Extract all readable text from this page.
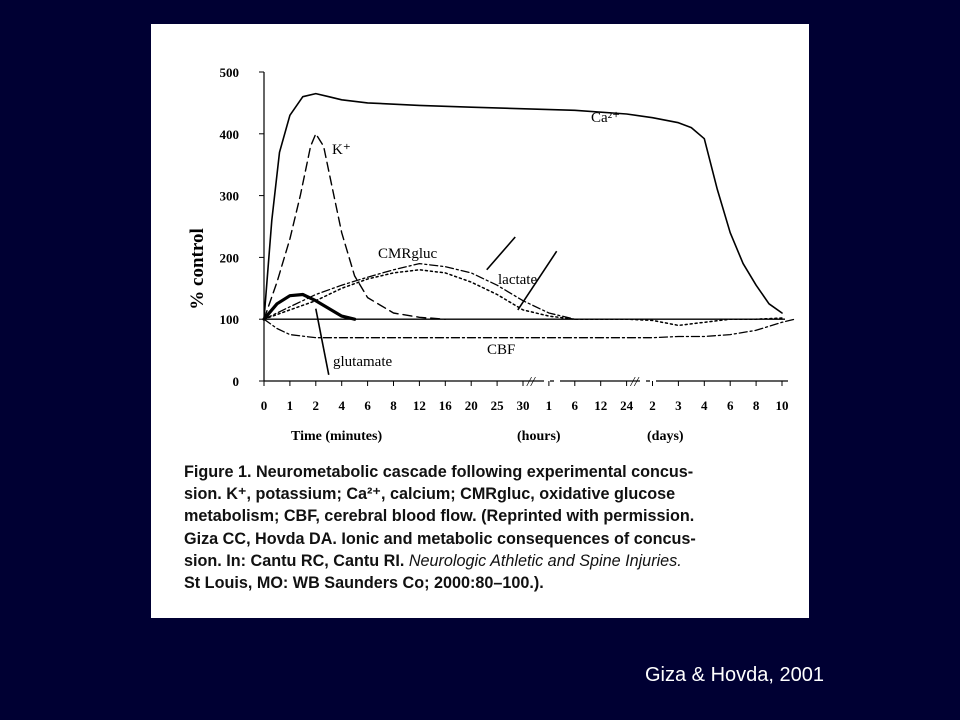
//	//
500
400
300
200
100
0
0 1 2 4 6 8 12 16 20 25 30 1 6 12 24 2 3 4 6 8 10
% control
Ca²⁺
K⁺
CMRgluc
lactate
glutamate
CBF
Time (minutes)	(hours)	(days)
Figure 1. Neurometabolic cascade following experimental concus-
sion. K⁺, potassium; Ca²⁺, calcium; CMRgluc, oxidative glucose
metabolism; CBF, cerebral blood flow. (Reprinted with permission.
Giza CC, Hovda DA. Ionic and metabolic consequences of concus-
sion. In: Cantu RC, Cantu RI. Neurologic Athletic and Spine Injuries.
St Louis, MO: WB Saunders Co; 2000:80–100.).
Giza & Hovda, 2001
